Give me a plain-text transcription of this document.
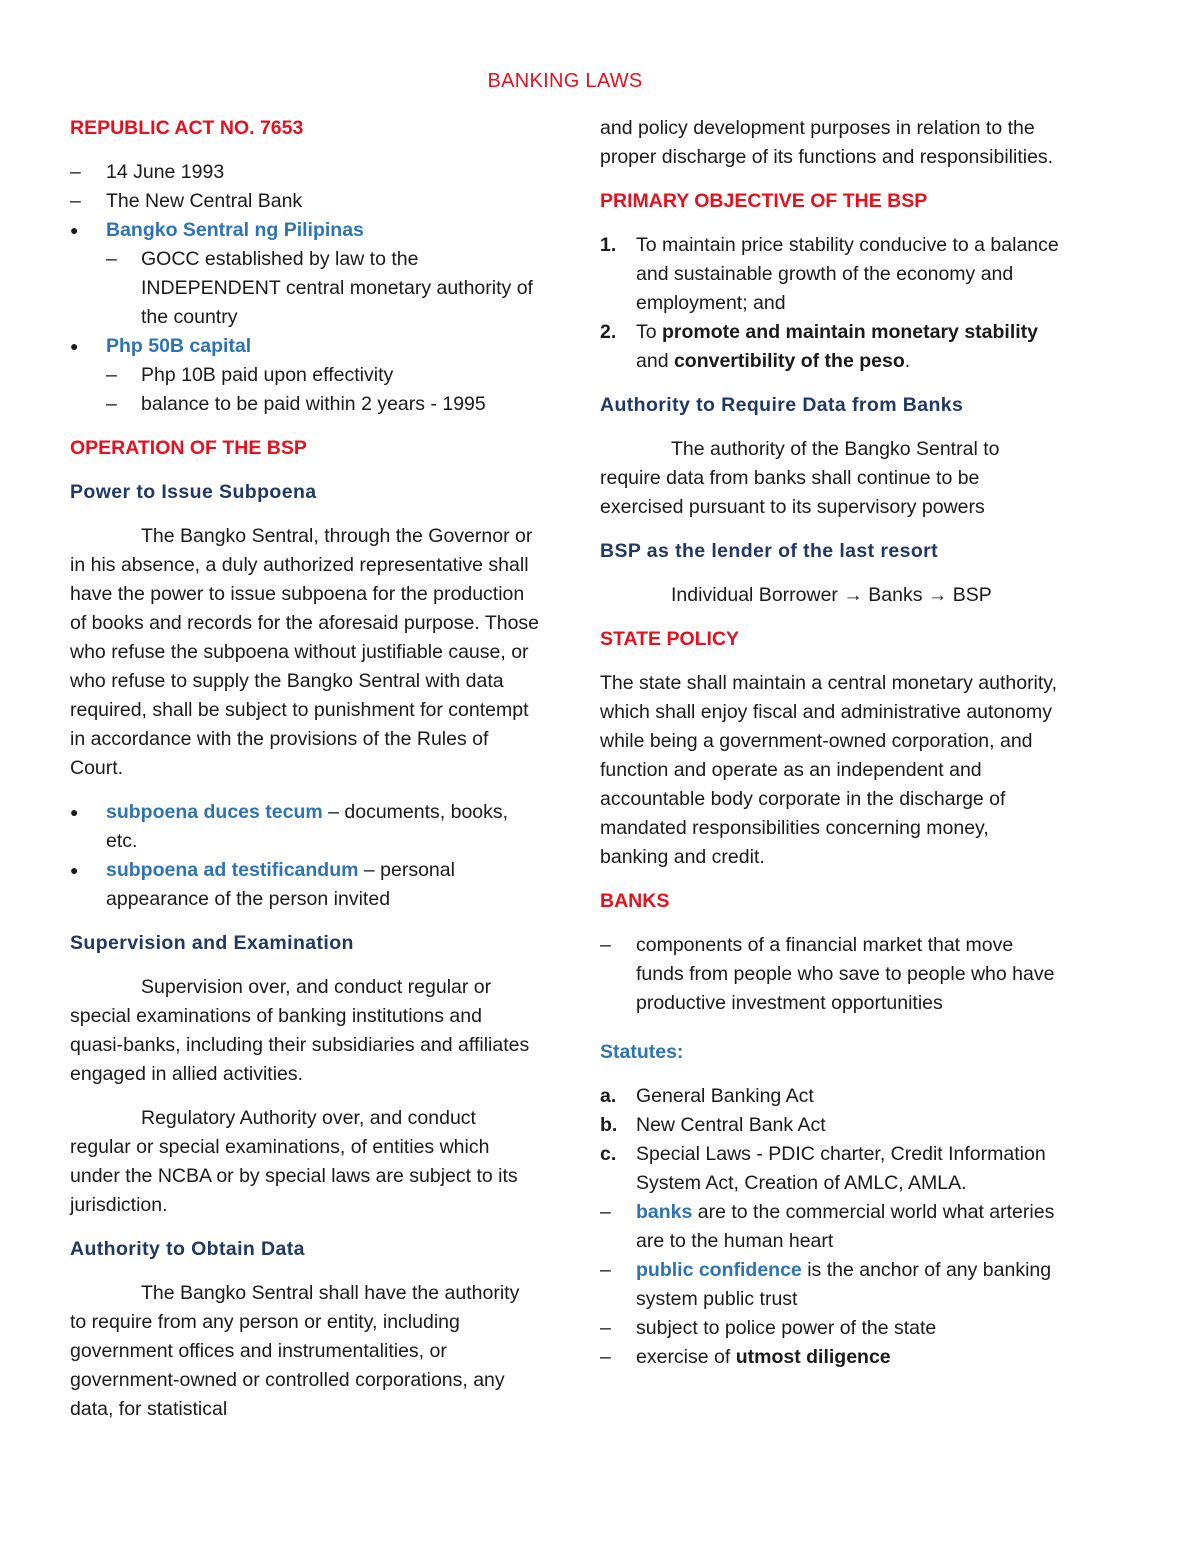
BANKING LAWS
REPUBLIC ACT NO. 7653
– 14 June 1993
– The New Central Bank
● Bangko Sentral ng Pilipinas
– GOCC established by law to the INDEPENDENT central monetary authority of the country
● Php 50B capital
– Php 10B paid upon effectivity
– balance to be paid within 2 years - 1995
OPERATION OF THE BSP
Power to Issue Subpoena

The Bangko Sentral, through the Governor or in his absence, a duly authorized representative shall have the power to issue subpoena for the production of books and records for the aforesaid purpose. Those who refuse the subpoena without justifiable cause, or who refuse to supply the Bangko Sentral with data required, shall be subject to punishment for contempt in accordance with the provisions of the Rules of Court.

● subpoena duces tecum – documents, books, etc.
● subpoena ad testificandum – personal appearance of the person invited
Supervision and Examination

Supervision over, and conduct regular or special examinations of banking institutions and quasi-banks, including their subsidiaries and affiliates engaged in allied activities.

Regulatory Authority over, and conduct regular or special examinations, of entities which under the NCBA or by special laws are subject to its jurisdiction.

Authority to Obtain Data

The Bangko Sentral shall have the authority to require from any person or entity, including government offices and instrumentalities, or government-owned or controlled corporations, any data, for statistical

and policy development purposes in relation to the proper discharge of its functions and responsibilities.

PRIMARY OBJECTIVE OF THE BSP
1. To maintain price stability conducive to a balance and sustainable growth of the economy and employment; and
2. To promote and maintain monetary stability and convertibility of the peso.
Authority to Require Data from Banks

The authority of the Bangko Sentral to require data from banks shall continue to be exercised pursuant to its supervisory powers

BSP as the lender of the last resort
Individual Borrower → Banks → BSP
STATE POLICY

The state shall maintain a central monetary authority, which shall enjoy fiscal and administrative autonomy while being a government-owned corporation, and function and operate as an independent and accountable body corporate in the discharge of mandated responsibilities concerning money, banking and credit.

BANKS
– components of a financial market that move funds from people who save to people who have productive investment opportunities
Statutes:
a. General Banking Act
b. New Central Bank Act
c. Special Laws - PDIC charter, Credit Information System Act, Creation of AMLC, AMLA.
– banks are to the commercial world what arteries are to the human heart
– public confidence is the anchor of any banking system public trust
– subject to police power of the state
– exercise of utmost diligence
